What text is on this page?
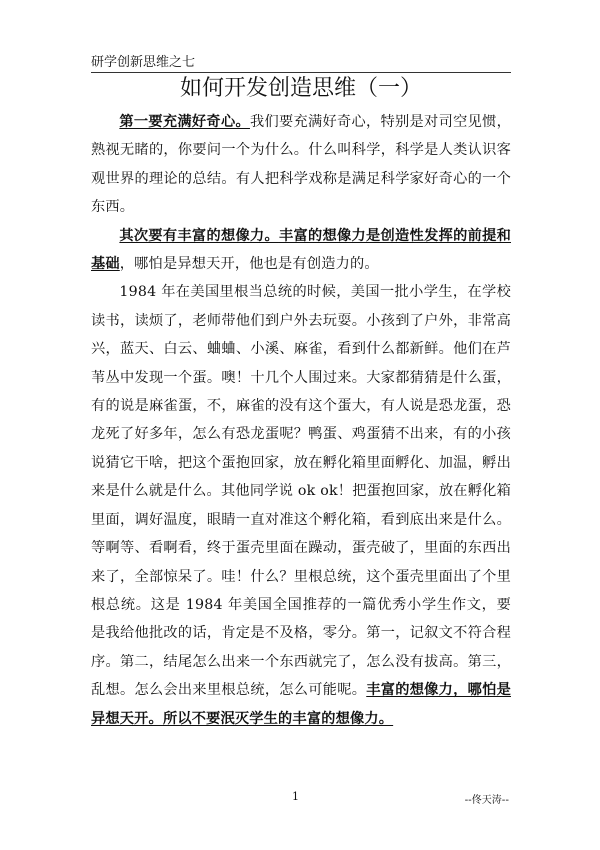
研学创新思维之七
如何开发创造思维（一）

第一要充满好奇心。我们要充满好奇心，特别是对司空见惯，熟视无睹的，你要问一个为什么。什么叫科学，科学是人类认识客观世界的理论的总结。有人把科学戏称是满足科学家好奇心的一个东西。

其次要有丰富的想像力。丰富的想像力是创造性发挥的前提和基础，哪怕是异想天开，他也是有创造力的。

1984 年在美国里根当总统的时候，美国一批小学生，在学校读书，读烦了，老师带他们到户外去玩耍。小孩到了户外，非常高兴，蓝天、白云、蛐蛐、小溪、麻雀，看到什么都新鲜。他们在芦苇丛中发现一个蛋。噢！十几个人围过来。大家都猜猜是什么蛋，有的说是麻雀蛋，不，麻雀的没有这个蛋大，有人说是恐龙蛋，恐龙死了好多年，怎么有恐龙蛋呢？鸭蛋、鸡蛋猜不出来，有的小孩说猜它干啥，把这个蛋抱回家，放在孵化箱里面孵化、加温，孵出来是什么就是什么。其他同学说 ok ok！把蛋抱回家，放在孵化箱里面，调好温度，眼睛一直对准这个孵化箱，看到底出来是什么。等啊等、看啊看，终于蛋壳里面在躁动，蛋壳破了，里面的东西出来了，全部惊呆了。哇！什么？里根总统，这个蛋壳里面出了个里根总统。这是 1984 年美国全国推荐的一篇优秀小学生作文，要是我给他批改的话，肯定是不及格，零分。第一，记叙文不符合程序。第二，结尾怎么出来一个东西就完了，怎么没有拔高。第三，乱想。怎么会出来里根总统，怎么可能呢。丰富的想像力，哪怕是异想天开。所以不要泯灭学生的丰富的想像力。

1	--佟天涛--
